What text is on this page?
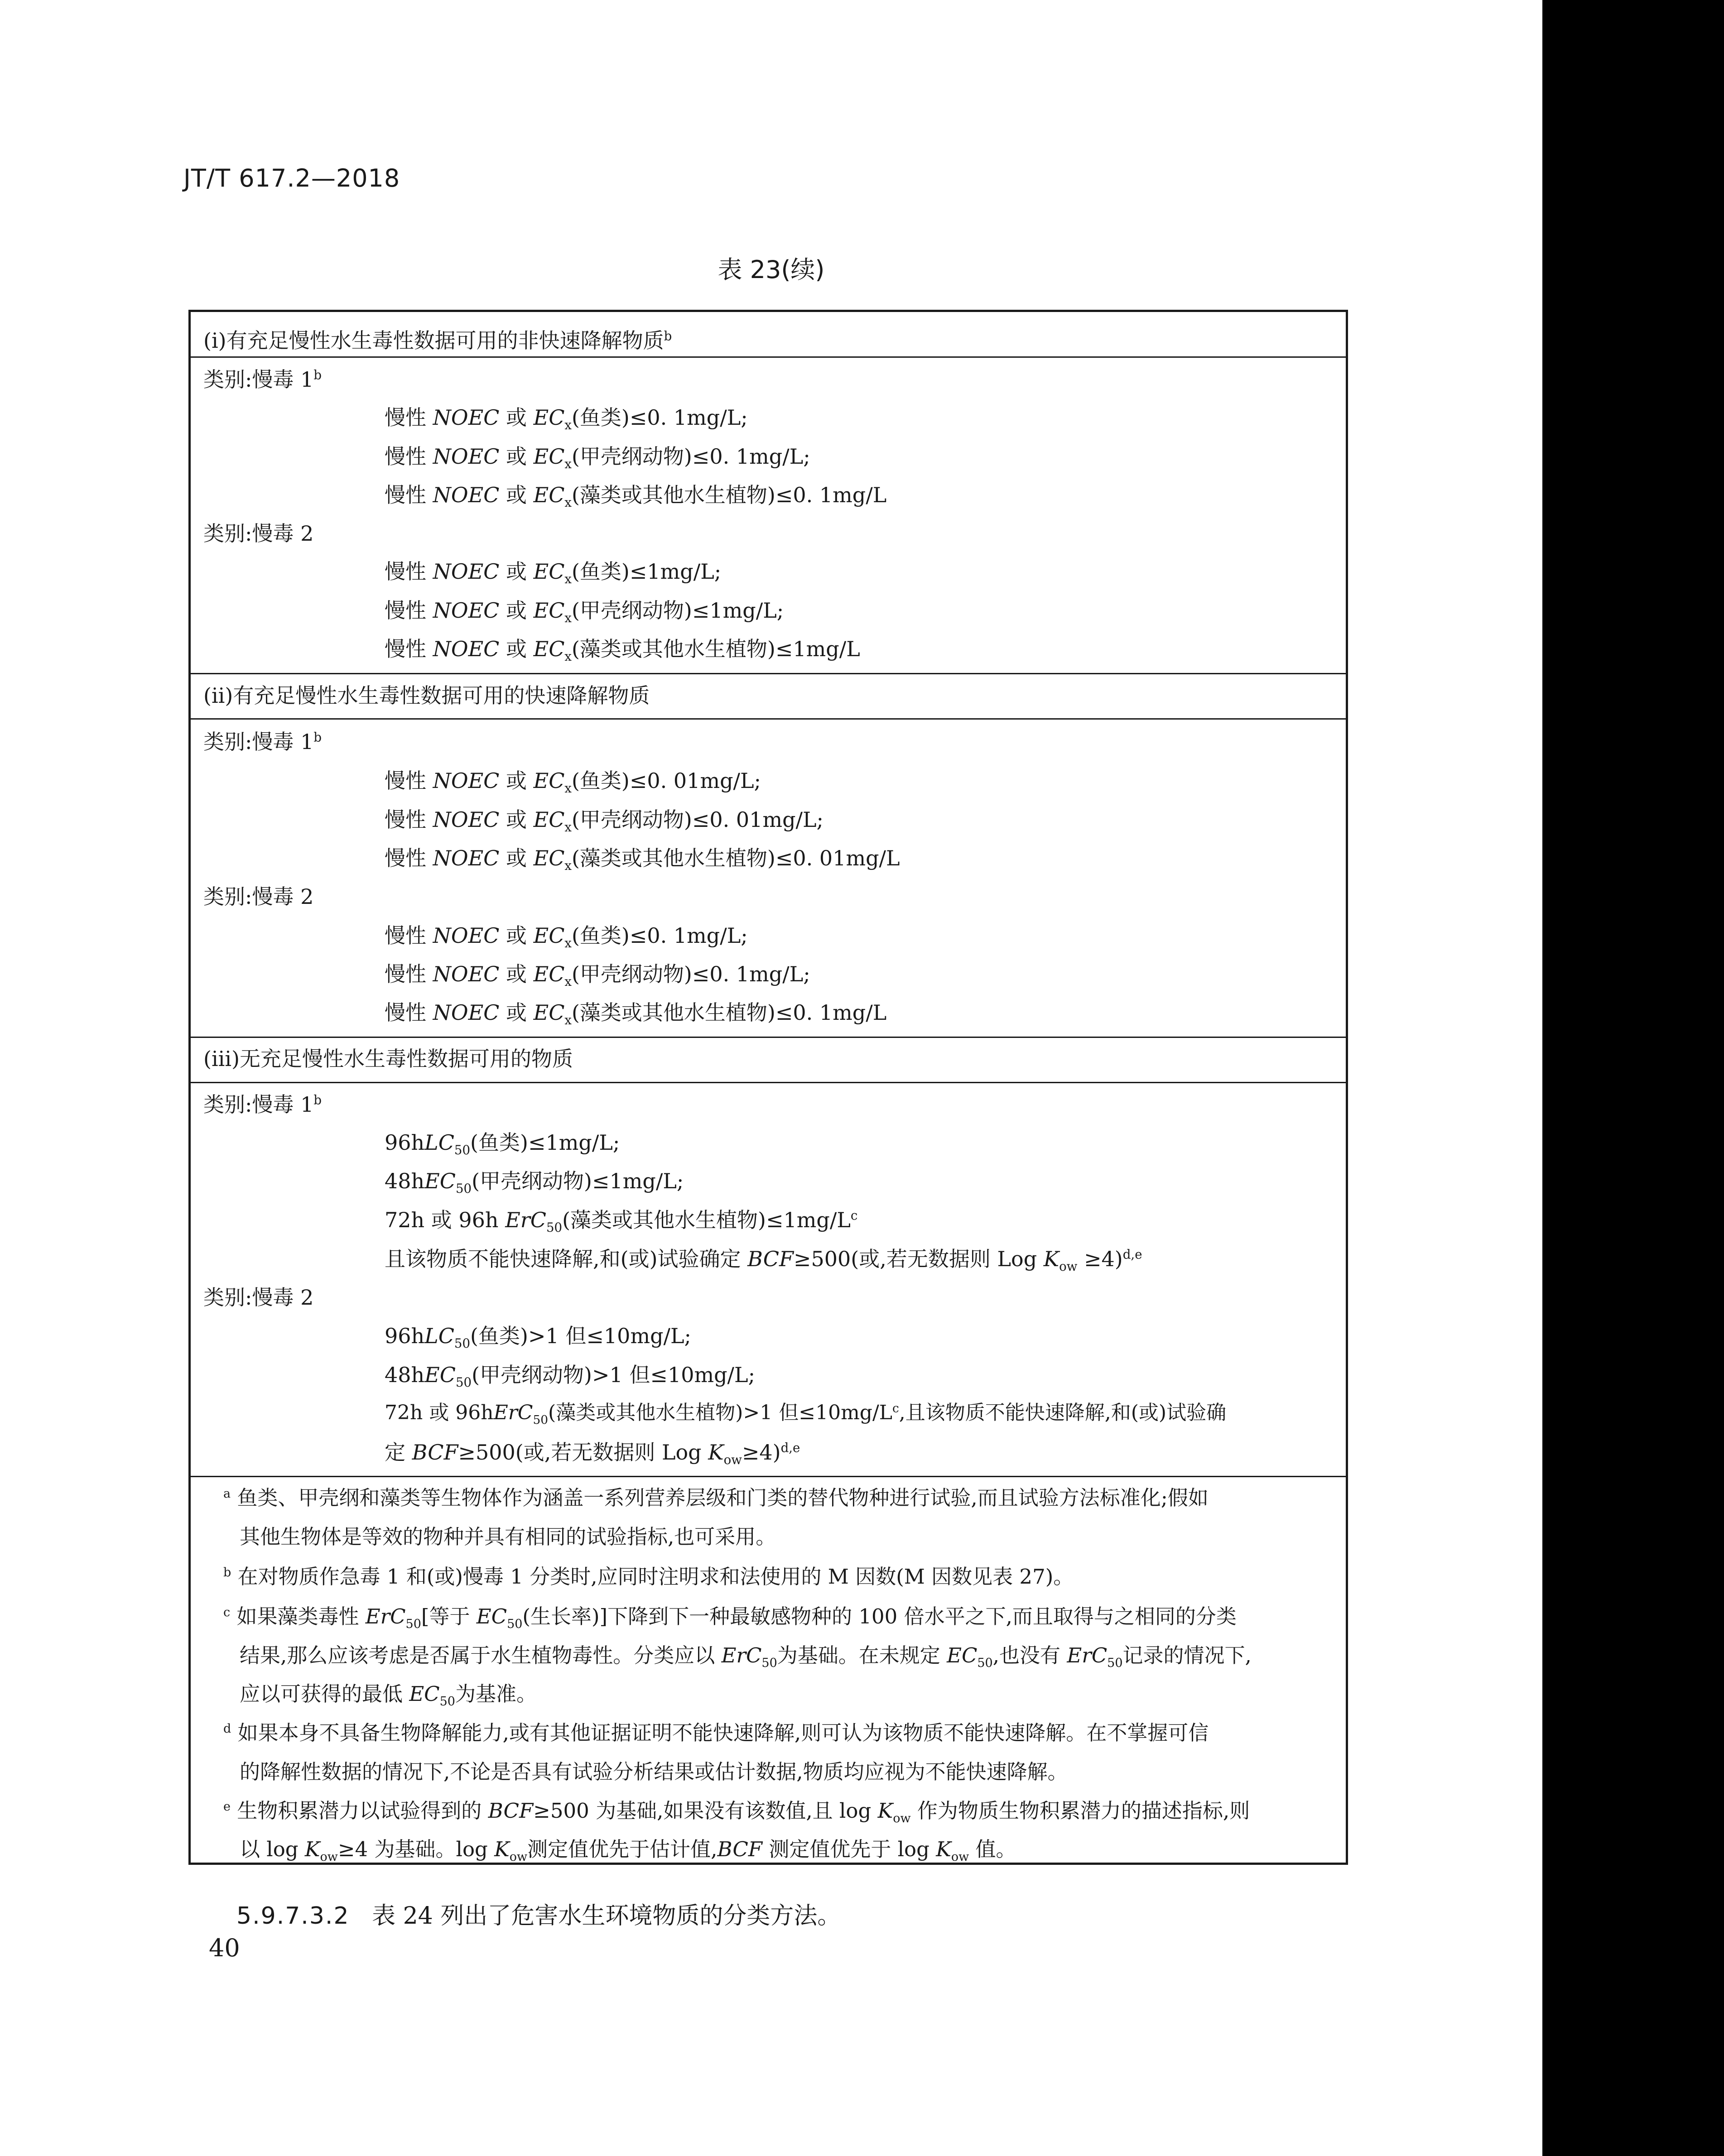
JT/T 617.2—2018
表 23(续)
(i)有充足慢性水生毒性数据可用的非快速降解物质$^b$
类别:慢毒 1$^b$
慢性 NOEC 或 $EC_x$(鱼类)≤0. 1mg/L;
慢性 NOEC 或 $EC_x$(甲壳纲动物)≤0. 1mg/L;
慢性 NOEC 或 $EC_x$(藻类或其他水生植物)≤0. 1mg/L
类别:慢毒 2
慢性 NOEC 或 $EC_x$(鱼类)≤1mg/L;
慢性 NOEC 或 $EC_x$(甲壳纲动物)≤1mg/L;
慢性 NOEC 或 $EC_x$(藻类或其他水生植物)≤1mg/L
(ii)有充足慢性水生毒性数据可用的快速降解物质
类别:慢毒 1$^b$
慢性 NOEC 或 $EC_x$(鱼类)≤0. 01mg/L;
慢性 NOEC 或 $EC_x$(甲壳纲动物)≤0. 01mg/L;
慢性 NOEC 或 $EC_x$(藻类或其他水生植物)≤0. 01mg/L
类别:慢毒 2
慢性 NOEC 或 $EC_x$(鱼类)≤0. 1mg/L;
慢性 NOEC 或 $EC_x$(甲壳纲动物)≤0. 1mg/L;
慢性 NOEC 或 $EC_x$(藻类或其他水生植物)≤0. 1mg/L
(iii)无充足慢性水生毒性数据可用的物质
类别:慢毒 1$^b$
96hLC$_{50}$(鱼类)≤1mg/L;
48hEC$_{50}$(甲壳纲动物)≤1mg/L;
72h 或 96h ErC$_{50}$(藻类或其他水生植物)$\le 1mg/L^c$
且该物质不能快速降解,和(或)试验确定 BCF≥500(或,若无数据则 Log $K_{ow} \ge 4)^{d,e}$
类别:慢毒 2
96hLC$_{50}$(鱼类)>1 但≤10mg/L;
48hEC$_{50}$(甲壳纲动物)>1 但≤10mg/L;
72h 或 96hErC$_{50}$(藻类或其他水生植物)>1 但$\le 10mg/L^c$,且该物质不能快速降解,和(或)试验确
定 BCF≥500(或,若无数据则 Log $K_{ow}\ge 4)^{d,e}$
$^a$ 鱼类、甲壳纲和藻类等生物体作为涵盖一系列营养层级和门类的替代物种进行试验,而且试验方法标准化;假如
其他生物体是等效的物种并具有相同的试验指标,也可采用。
$^b$ 在对物质作急毒 1 和(或)慢毒 1 分类时,应同时注明求和法使用的 M 因数(M 因数见表 27)。
$^c$ 如果藻类毒性 ErC$_{50}$[等于 $EC_{50}$(生长率)]下降到下一种最敏感物种的 100 倍水平之下,而且取得与之相同的分类
结果,那么应该考虑是否属于水生植物毒性。分类应以 ErC$_{50}$为基础。在未规定 $EC_{50}$,也没有 ErC$_{50}$记录的情况下,
应以可获得的最低 $EC_{50}$为基准。
$^d$ 如果本身不具备生物降解能力,或有其他证据证明不能快速降解,则可认为该物质不能快速降解。在不掌握可信
的降解性数据的情况下,不论是否具有试验分析结果或估计数据,物质均应视为不能快速降解。
$^e$ 生物积累潜力以试验得到的 BCF≥500 为基础,如果没有该数值,且 $\log K_{ow}$ 作为物质生物积累潜力的描述指标,则
以 $\log K_{ow}\ge 4$ 为基础。$\log K_{ow}$测定值优先于估计值,BCF 测定值优先于 $\log K_{ow}$ 值。
5.9.7.3.2 表 24 列出了危害水生环境物质的分类方法。
40
